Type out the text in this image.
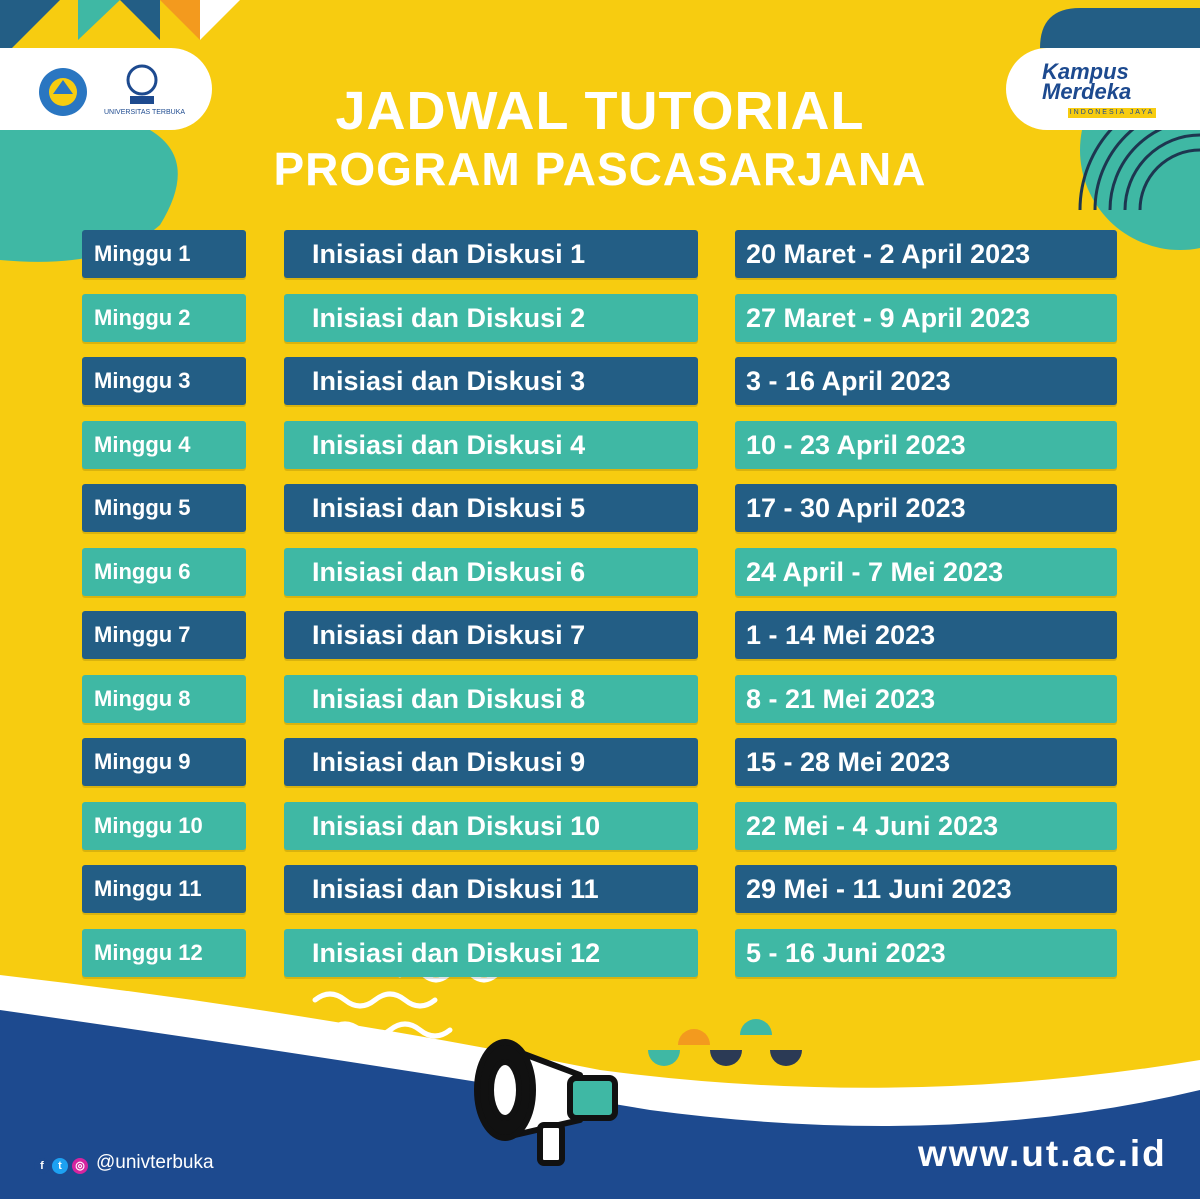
UNIVERSITAS TERBUKA
Kampus
Merdeka
INDONESIA JAYA
JADWAL TUTORIAL
PROGRAM PASCASARJANA
Minggu 1	Inisiasi dan Diskusi 1	20 Maret - 2 April 2023
Minggu 2	Inisiasi dan Diskusi 2	27 Maret - 9 April 2023
Minggu 3	Inisiasi dan Diskusi 3	3 - 16 April 2023
Minggu 4	Inisiasi dan Diskusi 4	10 - 23 April 2023
Minggu 5	Inisiasi dan Diskusi 5	17 - 30 April 2023
Minggu 6	Inisiasi dan Diskusi 6	24 April - 7 Mei 2023
Minggu 7	Inisiasi dan Diskusi 7	1 - 14 Mei 2023
Minggu 8	Inisiasi dan Diskusi 8	8 - 21 Mei 2023
Minggu 9	Inisiasi dan Diskusi 9	15 - 28 Mei 2023
Minggu 10	Inisiasi dan Diskusi 10	22 Mei - 4 Juni 2023
Minggu 11	Inisiasi dan Diskusi 11	29 Mei - 11 Juni 2023
Minggu 12	Inisiasi dan Diskusi 12	5 - 16 Juni 2023
f	t	◎ @univterbuka	www.ut.ac.id
